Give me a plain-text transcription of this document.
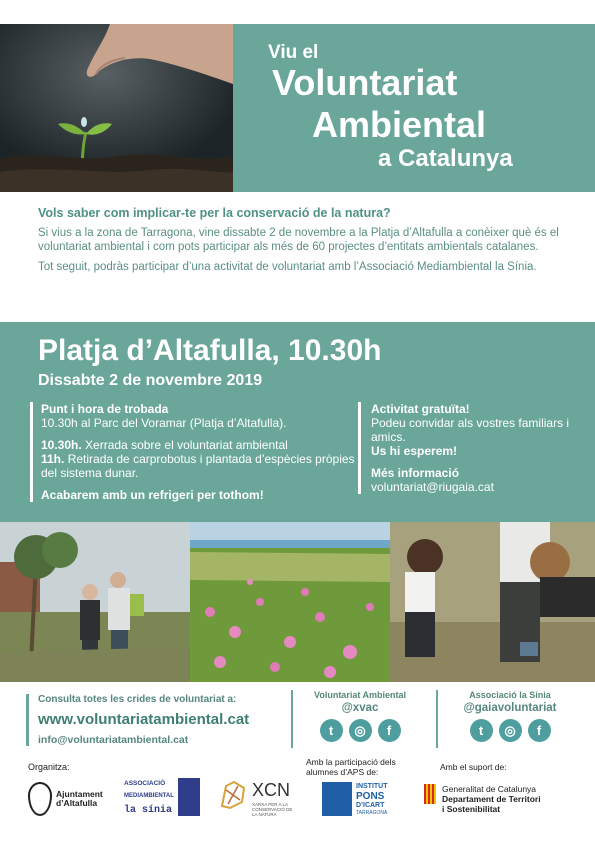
Viu el
Voluntariat
Ambiental
a Catalunya
Vols saber com implicar-te per la conservació de la natura?

Si vius a la zona de Tarragona, vine dissabte 2 de novembre a la Platja d’Altafulla a conèixer què és el voluntariat ambiental i com pots participar als més de 60 projectes d’entitats ambientals catalanes.

Tot seguit, podràs participar d’una activitat de voluntariat amb l’Associació Mediambiental la Sínia.

Platja d’Altafulla, 10.30h
Dissabte 2 de novembre 2019
Punt i hora de trobada
10.30h al Parc del Voramar (Platja d’Altafulla).
10.30h. Xerrada sobre el voluntariat ambiental
11h. Retirada de carprobotus i plantada d’espècies pròpies del sistema dunar.
Acabarem amb un refrigeri per tothom!
Activitat gratuïta!
Podeu convidar als vostres familiars i amics.
Us hi esperem!
Més informació
voluntariat@riugaia.cat
Consulta totes les crides de voluntariat a:
www.voluntariatambiental.cat
info@voluntariatambiental.cat
Voluntariat Ambiental
@xvac
t	◎	f
Associació la Sínia
@gaiavoluntariat
t	◎	f
Organitza:	Amb la participació dels alumnes d’APS de:	Amb el suport de:
Ajuntament d’Altafulla
ASSOCIACIÓ
MEDIAMBIENTAL
la sínia
XCN
XARXA PER A LA CONSERVACIÓ DE LA NATURA
INSTITUT
PONS
D’ICART
TARRAGONA
Generalitat de Catalunya
Departament de Territori
i Sostenibilitat
